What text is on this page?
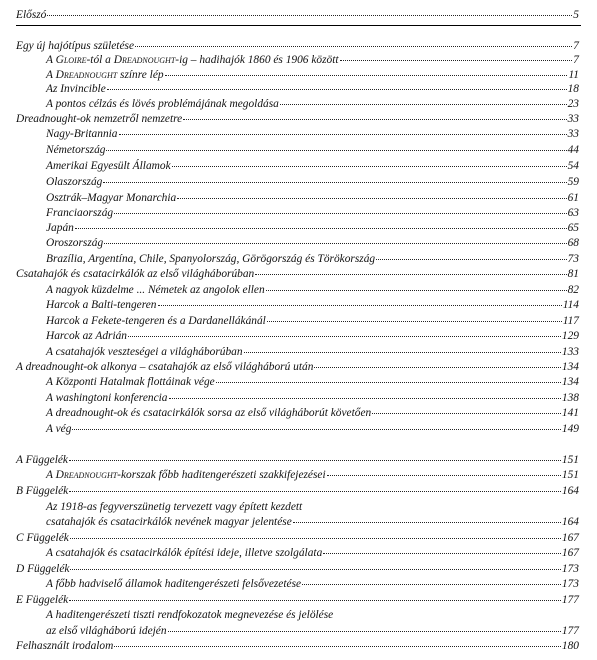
Előszó	5
Egy új hajótípus születése	7
A Gloire-tól a Dreadnought-ig – hadihajók 1860 és 1906 között	7
A Dreadnought színre lép	11
Az Invincible	18
A pontos célzás és lövés problémájának megoldása	23
Dreadnought-ok nemzetről nemzetre	33
Nagy-Britannia	33
Németország	44
Amerikai Egyesült Államok	54
Olaszország	59
Osztrák–Magyar Monarchia	61
Franciaország	63
Japán	65
Oroszország	68
Brazília, Argentína, Chile, Spanyolország, Görögország és Törökország	73
Csatahajók és csatacirkálók az első világháborúban	81
A nagyok küzdelme ... Németek az angolok ellen	82
Harcok a Balti-tengeren	114
Harcok a Fekete-tengeren és a Dardanellákánál	117
Harcok az Adrián	129
A csatahajók veszteségei a világháborúban	133
A dreadnought-ok alkonya – csatahajók az első világháború után	134
A Központi Hatalmak flottáinak vége	134
A washingtoni konferencia	138
A dreadnought-ok és csatacirkálók sorsa az első világháborút követően	141
A vég	149
A Függelék	151
A Dreadnought-korszak főbb haditengerészeti szakkifejezései	151
B Függelék	164
Az 1918-as fegyverszünetig tervezett vagy épített kezdett
csatahajók és csatacirkálók nevének magyar jelentése	164
C Függelék	167
A csatahajók és csatacirkálók építési ideje, illetve szolgálata	167
D Függelék	173
A főbb hadviselő államok haditengerészeti felsővezetése	173
E Függelék	177
A haditengerészeti tiszti rendfokozatok megnevezése és jelölése
az első világháború idején	177
Felhasznált irodalom	180
